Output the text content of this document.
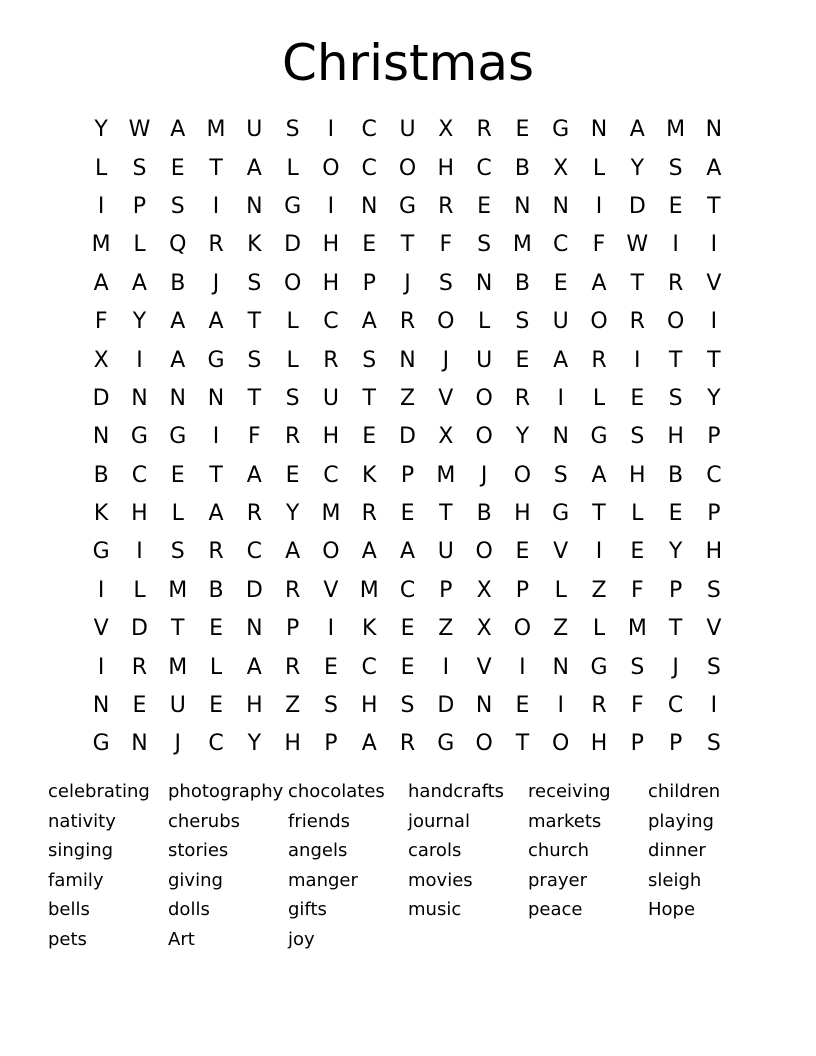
Christmas
Y W A M U	S	I	C	U	X	R	E	G N	A M N
L	S	E	T	A	L	O C O H	C	B	X	L	Y	S	A
I	P	S	I	N G	I	N G	R	E	N N	I	D	E	T
M	L	Q R	K	D H	E	T	F	S M C	F W	I	I
A	A	B	J	S	O H	P	J	S	N	B	E	A	T	R	V
F	Y	A	A	T	L	C	A	R O	L	S	U O R O	I
X	I	A	G	S	L	R	S	N	J	U	E	A	R	I	T	T
D N N N	T	S	U	T	Z	V	O R	I	L	E	S	Y
N G G	I	F	R	H	E	D	X	O	Y	N G	S	H	P
B	C	E	T	A	E	C	K	P	M	J	O	S	A	H	B	C
K	H	L	A	R	Y	M R	E	T	B	H G	T	L	E	P
G	I	S	R	C	A	O	A	A	U O	E	V	I	E	Y	H
I	L	M B	D	R	V M C	P	X	P	L	Z	F	P	S
V	D	T	E	N	P	I	K	E	Z	X	O	Z	L	M	T	V
I	R M	L	A	R	E	C	E	I	V	I	N G	S	J	S
N	E	U	E	H	Z	S	H	S	D N	E	I	R	F	C	I
G N	J	C	Y	H	P	A	R	G O	T	O H	P	P	S
celebrating	photography chocolates	handcrafts	receiving	children
nativity	cherubs	friends	journal	markets	playing
singing	stories	angels	carols	church	dinner
family	giving	manger	movies	prayer	sleigh
bells	dolls	gifts	music	peace	Hope
pets	Art	joy
